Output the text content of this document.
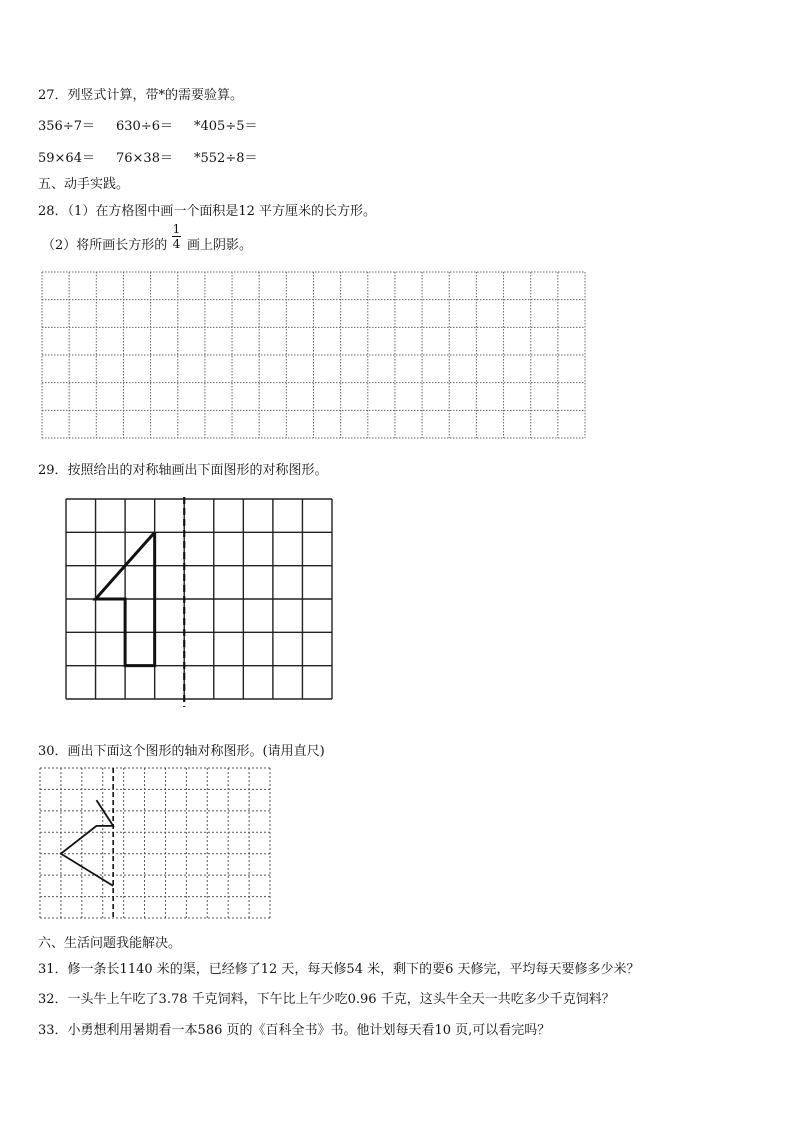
27．列竖式计算，带*的需要验算。
356÷7＝ 630÷6＝ *405÷5＝
59×64＝ 76×38＝ *552÷8＝
五、动手实践。
28．（1）在方格图中画一个面积是12 平方厘米的长方形。
（2）将所画长方形的
1
4 画上阴影。
29．按照给出的对称轴画出下面图形的对称图形。
30．画出下面这个图形的轴对称图形。(请用直尺)
六、生活问题我能解决。
31．修一条长1140 米的渠，已经修了12 天，每天修54 米，剩下的要6 天修完，平均每天要修多少米？
32．一头牛上午吃了3.78 千克饲料，下午比上午少吃0.96 千克，这头牛全天一共吃多少千克饲料？
33．小勇想利用暑期看一本586 页的《百科全书》书。他计划每天看10 页,可以看完吗？
